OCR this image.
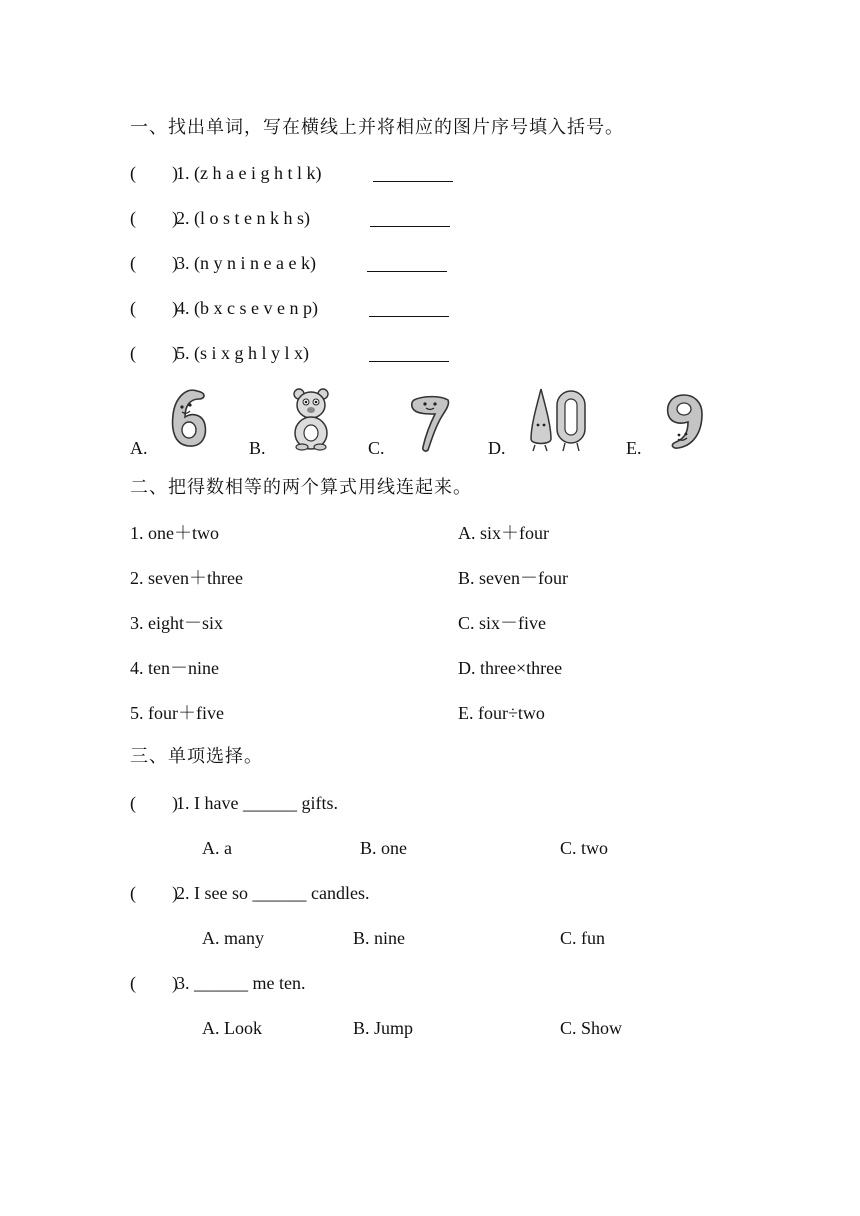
一、找出单词，写在横线上并将相应的图片序号填入括号。
(        )
1. (z h a e i g h t l k)
(        )
2. (l o s t e n k h s)
(        )
3. (n y n i n e a e k)
(        )
4. (b x c s e v e n p)
(        )
5. (s i x g h l y l x)
A.	B.	C.	D.	E.
二、把得数相等的两个算式用线连起来。
1. one＋two	A. six＋four
2. seven＋three	B. seven－four
3. eight－six	C. six－five
4. ten－nine	D. three×three
5. four＋five	E. four÷two
三、单项选择。
(        )
1. I have ______ gifts.
A. a	B. one	C. two
(        )
2. I see so ______ candles.
A. many	B. nine	C. fun
(        )
3. ______ me ten.
A. Look	B. Jump	C. Show
